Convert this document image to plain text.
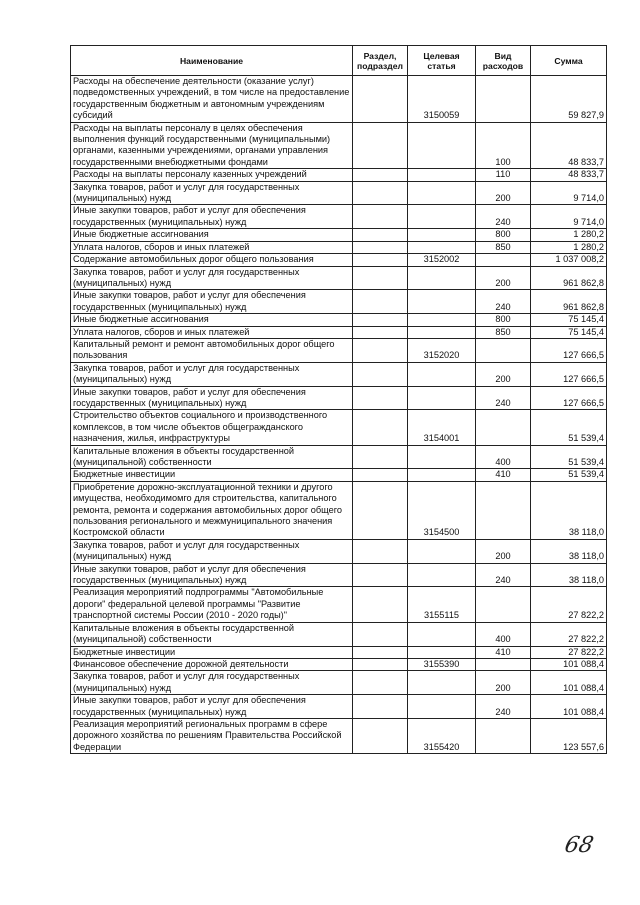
Наименование	Раздел, подраздел	Целевая статья	Вид расходов	Сумма
Расходы на обеспечение деятельности (оказание услуг) подведомственных учреждений, в том числе на предоставление государственным бюджетным и автономным учреждениям субсидий		3150059		59 827,9
Расходы на выплаты персоналу в целях обеспечения выполнения функций государственными (муниципальными) органами, казенными учреждениями, органами управления государственными внебюджетными фондами			100	48 833,7
Расходы на выплаты персоналу казенных учреждений			110	48 833,7
Закупка товаров, работ и услуг для государственных (муниципальных) нужд			200	9 714,0
Иные закупки товаров, работ и услуг для обеспечения государственных (муниципальных) нужд			240	9 714,0
Иные бюджетные ассигнования			800	1 280,2
Уплата налогов, сборов и иных платежей			850	1 280,2
Содержание автомобильных дорог общего пользования		3152002		1 037 008,2
Закупка товаров, работ и услуг для государственных (муниципальных) нужд			200	961 862,8
Иные закупки товаров, работ и услуг для обеспечения государственных (муниципальных) нужд			240	961 862,8
Иные бюджетные ассигнования			800	75 145,4
Уплата налогов, сборов и иных платежей			850	75 145,4
Капитальный ремонт и ремонт автомобильных дорог общего пользования		3152020		127 666,5
Закупка товаров, работ и услуг для государственных (муниципальных) нужд			200	127 666,5
Иные закупки товаров, работ и услуг для обеспечения государственных (муниципальных) нужд			240	127 666,5
Строительство объектов социального и производственного комплексов, в том числе объектов общегражданского назначения, жилья, инфраструктуры		3154001		51 539,4
Капитальные вложения в объекты государственной (муниципальной) собственности			400	51 539,4
Бюджетные инвестиции			410	51 539,4
Приобретение дорожно-эксплуатационной техники и другого имущества, необходимомго для строительства, капитального ремонта, ремонта и содержания автомобильных дорог общего пользования регионального и межмуниципального значения Костромской области		3154500		38 118,0
Закупка товаров, работ и услуг для государственных (муниципальных) нужд			200	38 118,0
Иные закупки товаров, работ и услуг для обеспечения государственных (муниципальных) нужд			240	38 118,0
Реализация мероприятий подпрограммы "Автомобильные дороги" федеральной целевой программы "Развитие транспортной системы России (2010 - 2020 годы)"		3155115		27 822,2
Капитальные вложения в объекты государственной (муниципальной) собственности			400	27 822,2
Бюджетные инвестиции			410	27 822,2
Финансовое обеспечение дорожной деятельности		3155390		101 088,4
Закупка товаров, работ и услуг для государственных (муниципальных) нужд			200	101 088,4
Иные закупки товаров, работ и услуг для обеспечения государственных (муниципальных) нужд			240	101 088,4
Реализация мероприятий региональных программ в сфере дорожного хозяйства по решениям Правительства Российской Федерации		3155420		123 557,6
68
